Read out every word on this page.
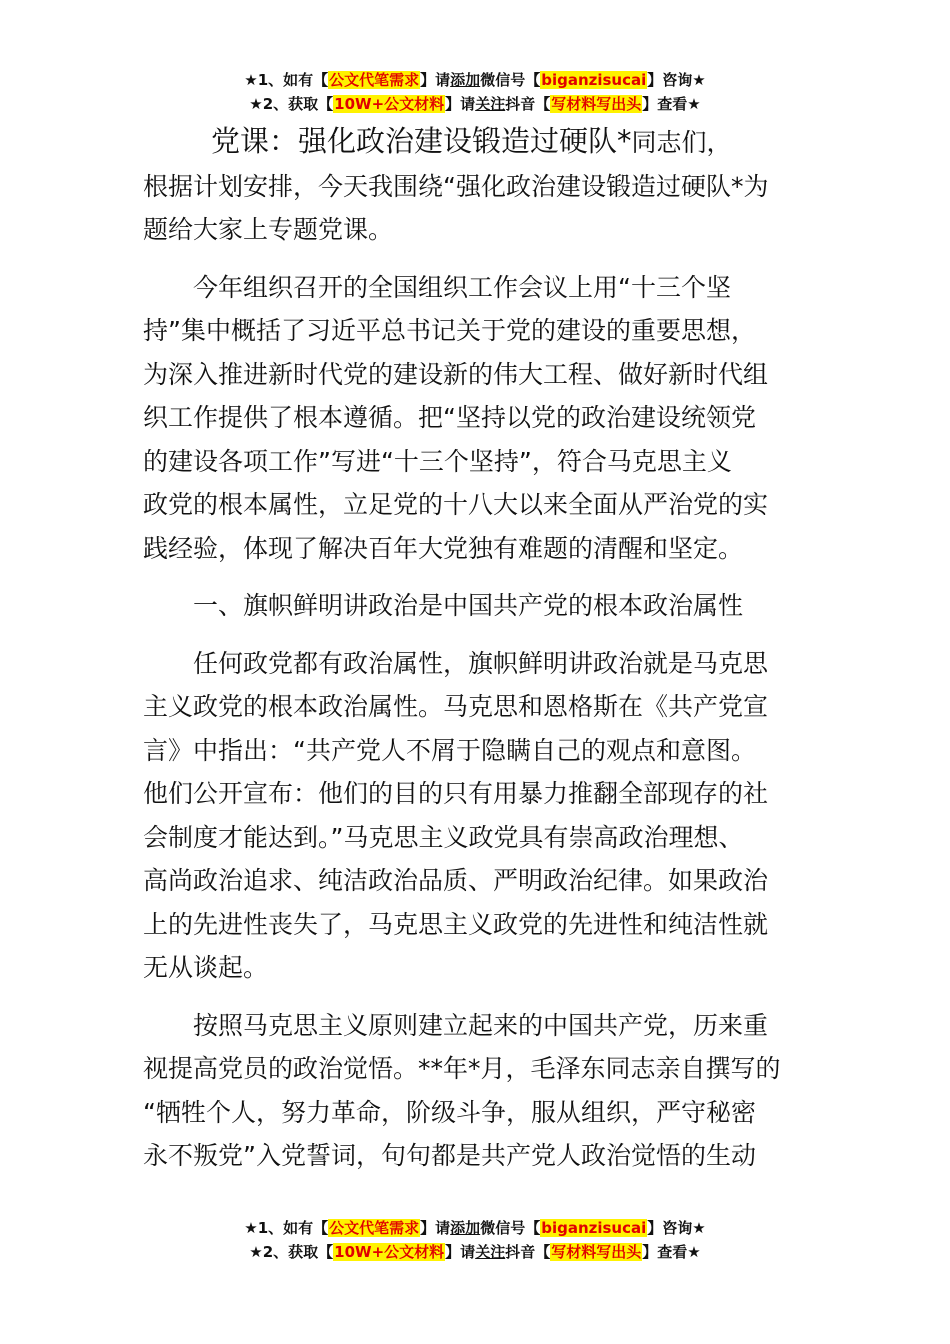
★1、如有【公文代笔需求】请添加微信号【biganzisucai】咨询★
★2、获取【10W+公文材料】请关注抖音【写材料写出头】查看★

党课：强化政治建设锻造过硬队*同志们，

根据计划安排，今天我围绕“强化政治建设锻造过硬队*为
题给大家上专题党课。

今年组织召开的全国组织工作会议上用“十三个坚
持”集中概括了习近平总书记关于党的建设的重要思想，
为深入推进新时代党的建设新的伟大工程、做好新时代组
织工作提供了根本遵循。把“坚持以党的政治建设统领党
的建设各项工作”写进“十三个坚持”，符合马克思主义
政党的根本属性，立足党的十八大以来全面从严治党的实
践经验，体现了解决百年大党独有难题的清醒和坚定。

一、旗帜鲜明讲政治是中国共产党的根本政治属性

任何政党都有政治属性，旗帜鲜明讲政治就是马克思
主义政党的根本政治属性。马克思和恩格斯在《共产党宣
言》中指出：“共产党人不屑于隐瞒自己的观点和意图。
他们公开宣布：他们的目的只有用暴力推翻全部现存的社
会制度才能达到。”马克思主义政党具有崇高政治理想、
高尚政治追求、纯洁政治品质、严明政治纪律。如果政治
上的先进性丧失了，马克思主义政党的先进性和纯洁性就
无从谈起。

按照马克思主义原则建立起来的中国共产党，历来重
视提高党员的政治觉悟。**年*月，毛泽东同志亲自撰写的
“牺牲个人，努力革命，阶级斗争，服从组织，严守秘密
永不叛党”入党誓词，句句都是共产党人政治觉悟的生动

★1、如有【公文代笔需求】请添加微信号【biganzisucai】咨询★
★2、获取【10W+公文材料】请关注抖音【写材料写出头】查看★
